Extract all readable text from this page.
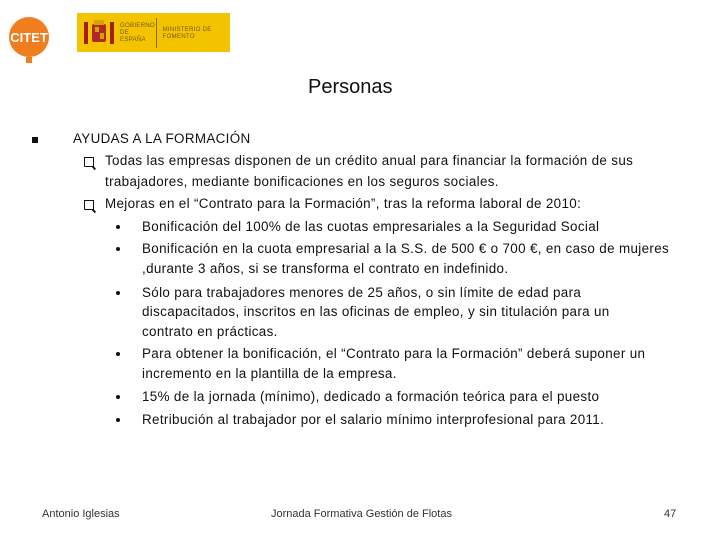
CITET
GOBIERNO DE ESPAÑA
MINISTERIO DE FOMENTO
Personas
AYUDAS A LA FORMACIÓN
Todas las empresas disponen de un crédito anual para financiar la formación de sus
trabajadores, mediante bonificaciones en los seguros sociales.
Mejoras en el “Contrato para la Formación”, tras la reforma laboral de 2010:
Bonificación del 100% de las cuotas empresariales a la Seguridad Social
Bonificación en la cuota empresarial a la S.S. de 500 € o 700 €, en caso de mujeres
,durante 3 años, si se transforma el contrato en indefinido.
Sólo para trabajadores menores de 25 años, o sin límite de edad para
discapacitados, inscritos en las oficinas de empleo, y sin titulación para un
contrato en prácticas.
Para obtener la bonificación, el “Contrato para la Formación” deberá suponer un
incremento en la plantilla de la empresa.
15% de la jornada (mínimo), dedicado a formación teórica para el puesto
Retribución al trabajador por el salario mínimo interprofesional para 2011.
Antonio Iglesias	Jornada Formativa Gestión de Flotas	47
